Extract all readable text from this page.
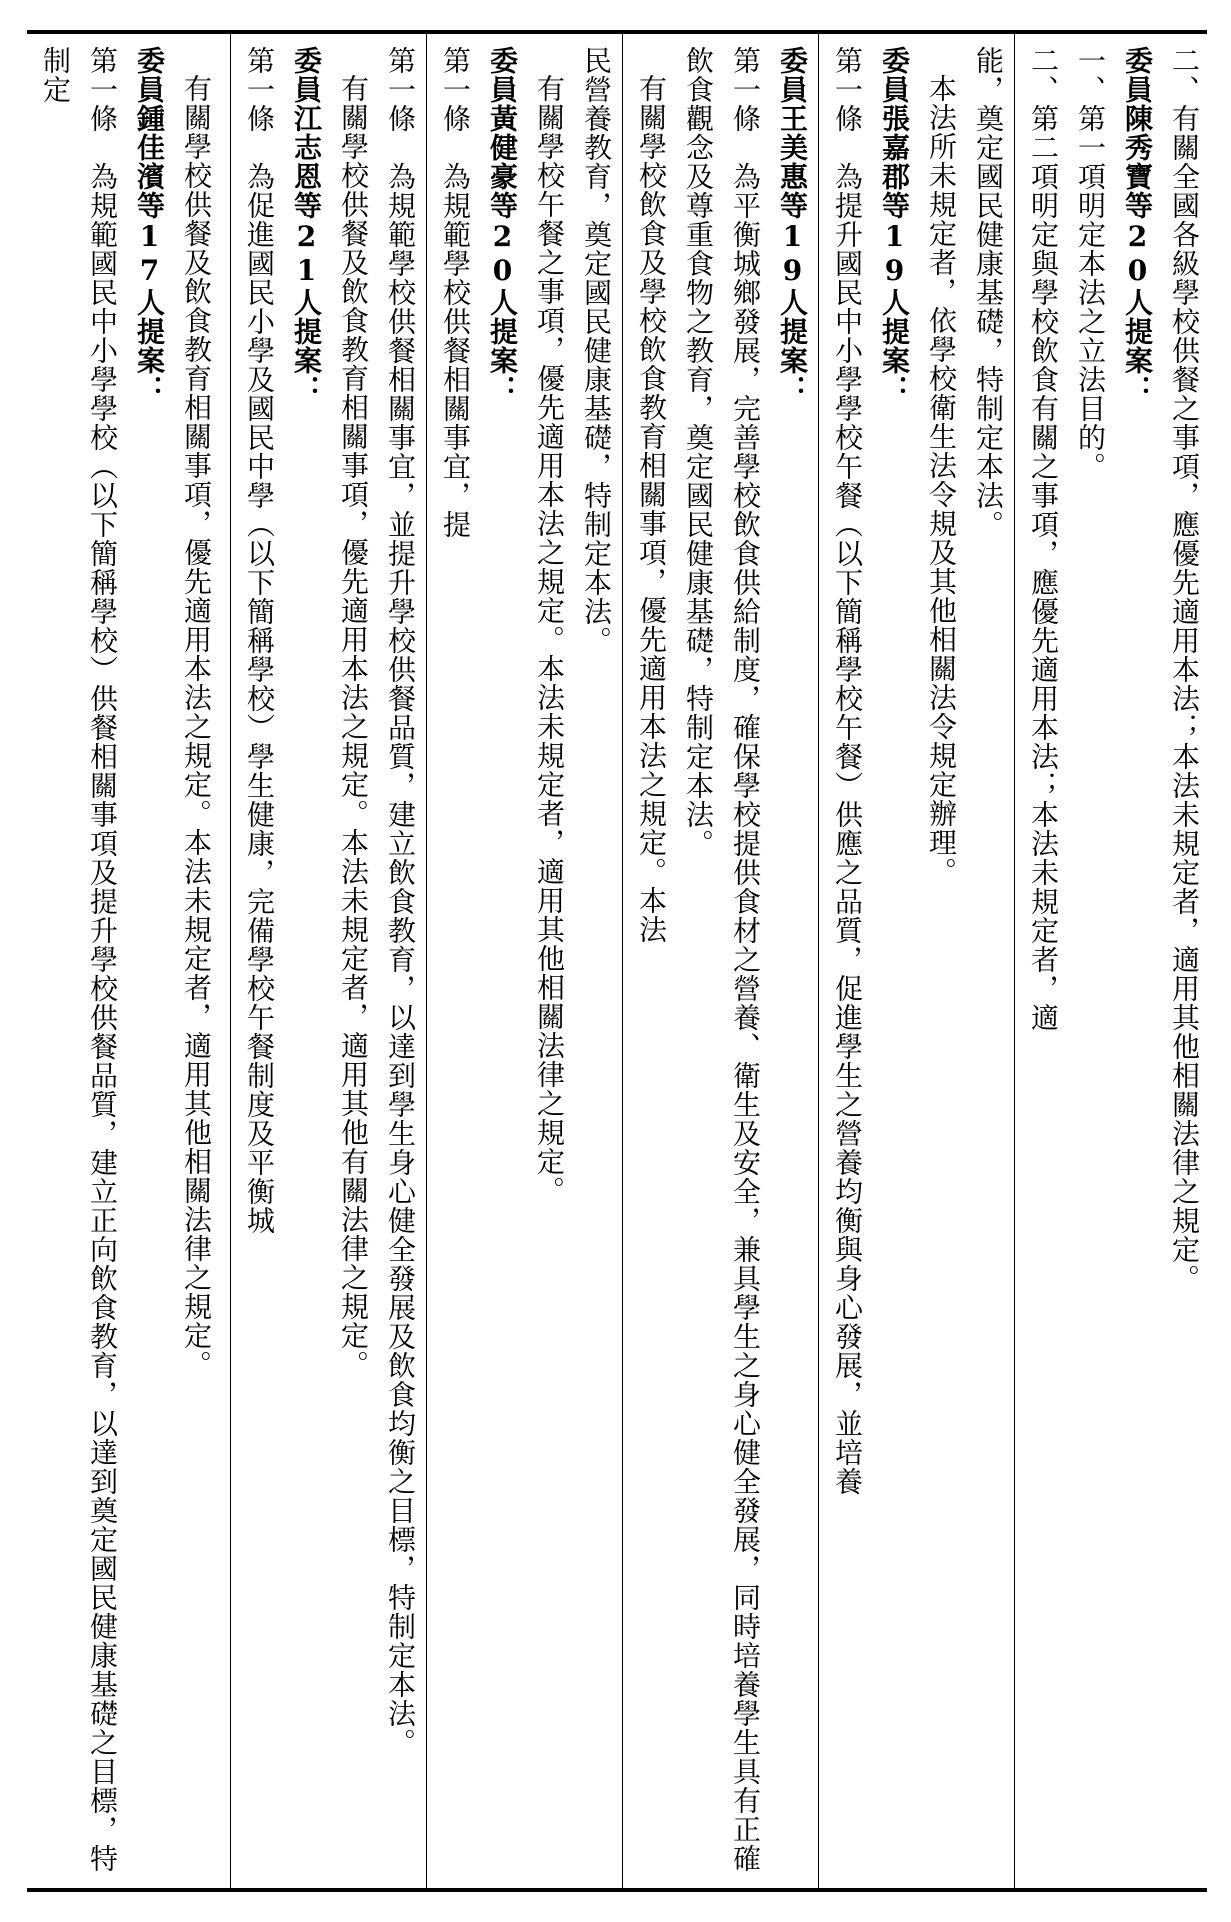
二、有關全國各級學校供餐之事項，應優先適用本法；本法未規定者，適用其他相關法律之規定。
委員陳秀寶等20人提案：
一、第一項明定本法之立法目的。
二、第二項明定與學校飲食有關之事項，應優先適用本法；本法未規定者，適
能，奠定國民健康基礎，特制定本法。
本法所未規定者，依學校衛生法令規及其他相關法令規定辦理。
委員張嘉郡等19人提案：
第一條　為提升國民中小學學校午餐（以下簡稱學校午餐）供應之品質，促進學生之營養均衡與身心發展，並培養
委員王美惠等19人提案：
第一條　為平衡城鄉發展，完善學校飲食供給制度，確保學校提供食材之營養、衛生及安全，兼具學生之身心健全發展，同時培養學生具有正確飲食觀念及尊重食物之教育，奠定國民健康基礎，特制定本法。
有關學校飲食及學校飲食教育相關事項，優先適用本法之規定。本法
　民營養教育，奠定國民健康基礎，特制定本法。
有關學校午餐之事項，優先適用本法之規定。本法未規定者，適用其他相關法律之規定。
委員黃健豪等20人提案：
第一條　為規範學校供餐相關事宜，提
第一條　為規範學校供餐相關事宜，並提升學校供餐品質，建立飲食教育，以達到學生身心健全發展及飲食均衡之目標，特制定本法。
有關學校供餐及飲食教育相關事項，優先適用本法之規定。本法未規定者，適用其他有關法律之規定。
委員江志恩等21人提案：
第一條　為促進國民小學及國民中學（以下簡稱學校）學生健康，完備學校午餐制度及平衡城
有關學校供餐及飲食教育相關事項，優先適用本法之規定。本法未規定者，適用其他相關法律之規定。
委員鍾佳濱等17人提案：
第一條　為規範國民中小學學校（以下簡稱學校）供餐相關事項及提升學校供餐品質，建立正向飲食教育，以達到奠定國民健康基礎之目標，特制定
